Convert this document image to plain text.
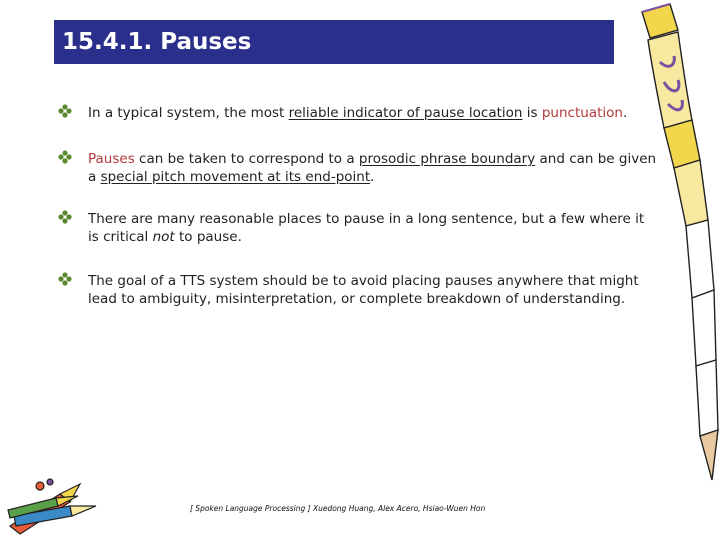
15.4.1. Pauses
In a typical system, the most reliable indicator of pause location is punctuation.
Pauses can be taken to correspond to a prosodic phrase boundary and can be given a special pitch movement at its end-point.
There are many reasonable places to pause in a long sentence, but a few where it is critical not to pause.
The goal of a TTS system should be to avoid placing pauses anywhere that might lead to ambiguity, misinterpretation, or complete breakdown of understanding.
[ Spoken Language Processing ] Xuedong Huang, Alex Acero, Hsiao-Wuen Hon
